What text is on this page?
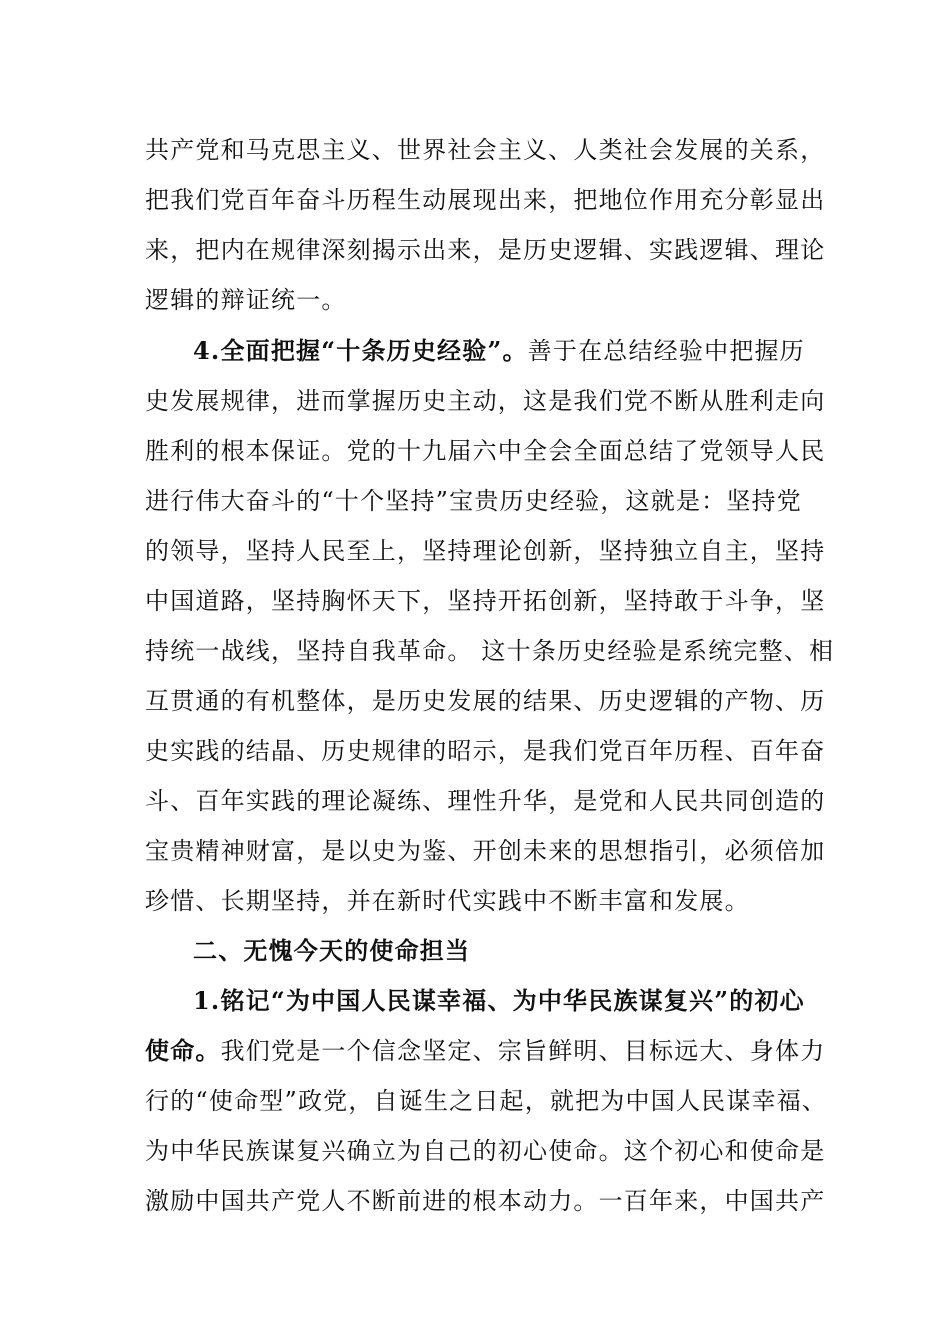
共产党和马克思主义、世界社会主义、人类社会发展的关系，
把我们党百年奋斗历程生动展现出来，把地位作用充分彰显出
来，把内在规律深刻揭示出来，是历史逻辑、实践逻辑、理论
逻辑的辩证统一。
4.全面把握“十条历史经验”。善于在总结经验中把握历
史发展规律，进而掌握历史主动，这是我们党不断从胜利走向
胜利的根本保证。党的十九届六中全会全面总结了党领导人民
进行伟大奋斗的“十个坚持”宝贵历史经验，这就是：坚持党
的领导，坚持人民至上，坚持理论创新，坚持独立自主，坚持
中国道路，坚持胸怀天下，坚持开拓创新，坚持敢于斗争，坚
持统一战线，坚持自我革命。 这十条历史经验是系统完整、相
互贯通的有机整体，是历史发展的结果、历史逻辑的产物、历
史实践的结晶、历史规律的昭示，是我们党百年历程、百年奋
斗、百年实践的理论凝练、理性升华，是党和人民共同创造的
宝贵精神财富，是以史为鉴、开创未来的思想指引，必须倍加
珍惜、长期坚持，并在新时代实践中不断丰富和发展。
二、无愧今天的使命担当
1.铭记“为中国人民谋幸福、为中华民族谋复兴”的初心
使命。我们党是一个信念坚定、宗旨鲜明、目标远大、身体力
行的“使命型”政党，自诞生之日起，就把为中国人民谋幸福、
为中华民族谋复兴确立为自己的初心使命。这个初心和使命是
激励中国共产党人不断前进的根本动力。一百年来，中国共产
